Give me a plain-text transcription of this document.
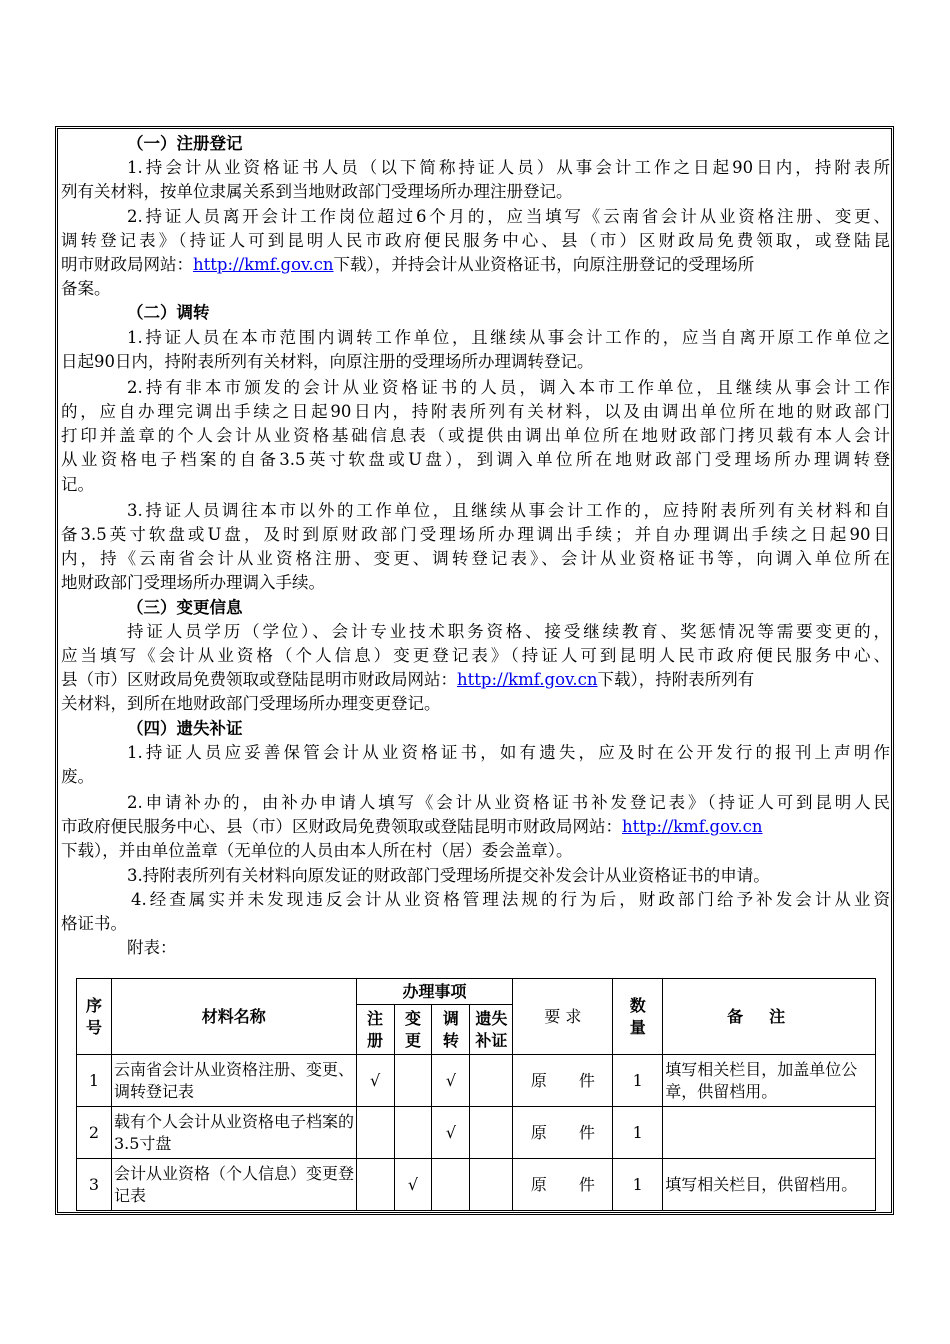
（一）注册登记
1.持会计从业资格证书人员（以下简称持证人员）从事会计工作之日起90日内，持附表所
列有关材料，按单位隶属关系到当地财政部门受理场所办理注册登记。
2.持证人员离开会计工作岗位超过6个月的，应当填写《云南省会计从业资格注册、变更、
调转登记表》（持证人可到昆明人民市政府便民服务中心、县（市）区财政局免费领取，或登陆昆
明市财政局网站：http://kmf.gov.cn下载），并持会计从业资格证书，向原注册登记的受理场所
备案。
（二）调转
1.持证人员在本市范围内调转工作单位，且继续从事会计工作的，应当自离开原工作单位之
日起90日内，持附表所列有关材料，向原注册的受理场所办理调转登记。
2.持有非本市颁发的会计从业资格证书的人员，调入本市工作单位，且继续从事会计工作
的，应自办理完调出手续之日起90日内，持附表所列有关材料，以及由调出单位所在地的财政部门
打印并盖章的个人会计从业资格基础信息表（或提供由调出单位所在地财政部门拷贝载有本人会计
从业资格电子档案的自备3.5英寸软盘或U盘），到调入单位所在地财政部门受理场所办理调转登
记。
3.持证人员调往本市以外的工作单位，且继续从事会计工作的，应持附表所列有关材料和自
备3.5英寸软盘或U盘，及时到原财政部门受理场所办理调出手续；并自办理调出手续之日起90日
内，持《云南省会计从业资格注册、变更、调转登记表》、会计从业资格证书等，向调入单位所在
地财政部门受理场所办理调入手续。
（三）变更信息
持证人员学历（学位）、会计专业技术职务资格、接受继续教育、奖惩情况等需要变更的，
应当填写《会计从业资格（个人信息）变更登记表》（持证人可到昆明人民市政府便民服务中心、
县（市）区财政局免费领取或登陆昆明市财政局网站：http://kmf.gov.cn下载），持附表所列有
关材料，到所在地财政部门受理场所办理变更登记。
（四）遗失补证
1.持证人员应妥善保管会计从业资格证书，如有遗失，应及时在公开发行的报刊上声明作
废。
2.申请补办的，由补办申请人填写《会计从业资格证书补发登记表》（持证人可到昆明人民
市政府便民服务中心、县（市）区财政局免费领取或登陆昆明市财政局网站：http://kmf.gov.cn
下载），并由单位盖章（无单位的人员由本人所在村（居）委会盖章）。
3.持附表所列有关材料向原发证的财政部门受理场所提交补发会计从业资格证书的申请。
4.经查属实并未发现违反会计从业资格管理法规的行为后，财政部门给予补发会计从业资
格证书。
附表：
序号	材料名称	办理事项				要 求	数量	备注

		注册	变更	调转	遗失补证			

1	云南省会计从业资格注册、变更、调转登记表	√		√		原　　件	1	填写相关栏目，加盖单位公章，供留档用。
2	载有个人会计从业资格电子档案的3.5寸盘			√		原　　件	1	
3	会计从业资格（个人信息）变更登记表		√			原　　件	1	填写相关栏目，供留档用。
